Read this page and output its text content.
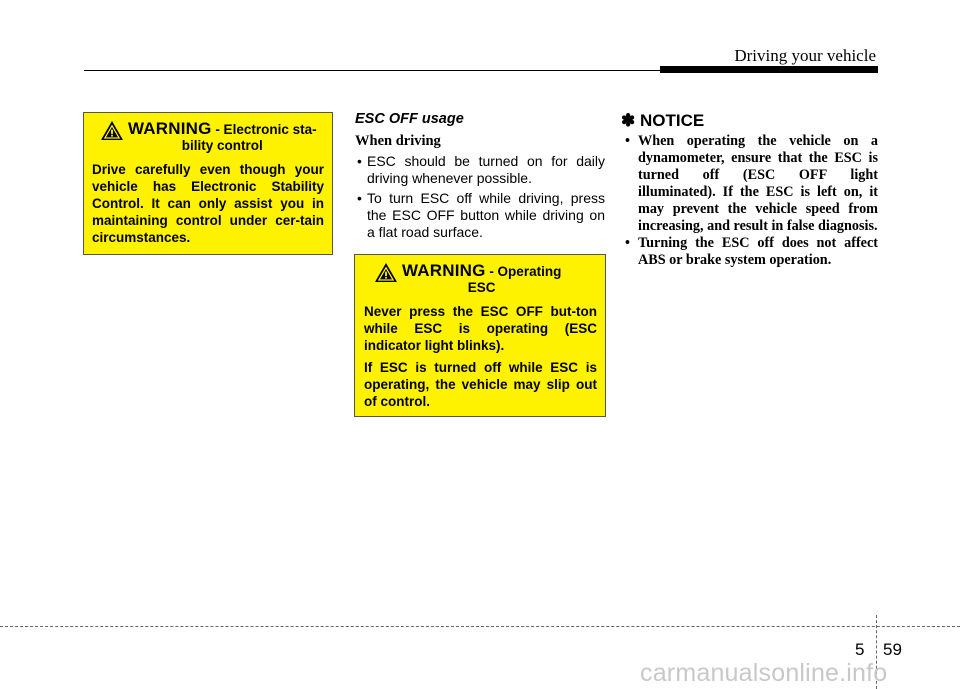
Driving your vehicle
WARNING - Electronic sta-
bility control
Drive carefully even though your vehicle has Electronic Stability Control. It can only assist you in maintaining control under cer-tain circumstances.
ESC OFF usage
When driving
• ESC should be turned on for daily driving whenever possible.
• To turn ESC off while driving, press the ESC OFF button while driving on a flat road surface.
WARNING - Operating
ESC

Never press the ESC OFF but-ton while ESC is operating (ESC indicator light blinks).

If ESC is turned off while ESC is operating, the vehicle may slip out of control.

✽ NOTICE
• When operating the vehicle on a dynamometer, ensure that the ESC is turned off (ESC OFF light illuminated). If the ESC is left on, it may prevent the vehicle speed from increasing, and result in false diagnosis.
• Turning the ESC off does not affect ABS or brake system operation.
5 59
carmanualsonline.info
